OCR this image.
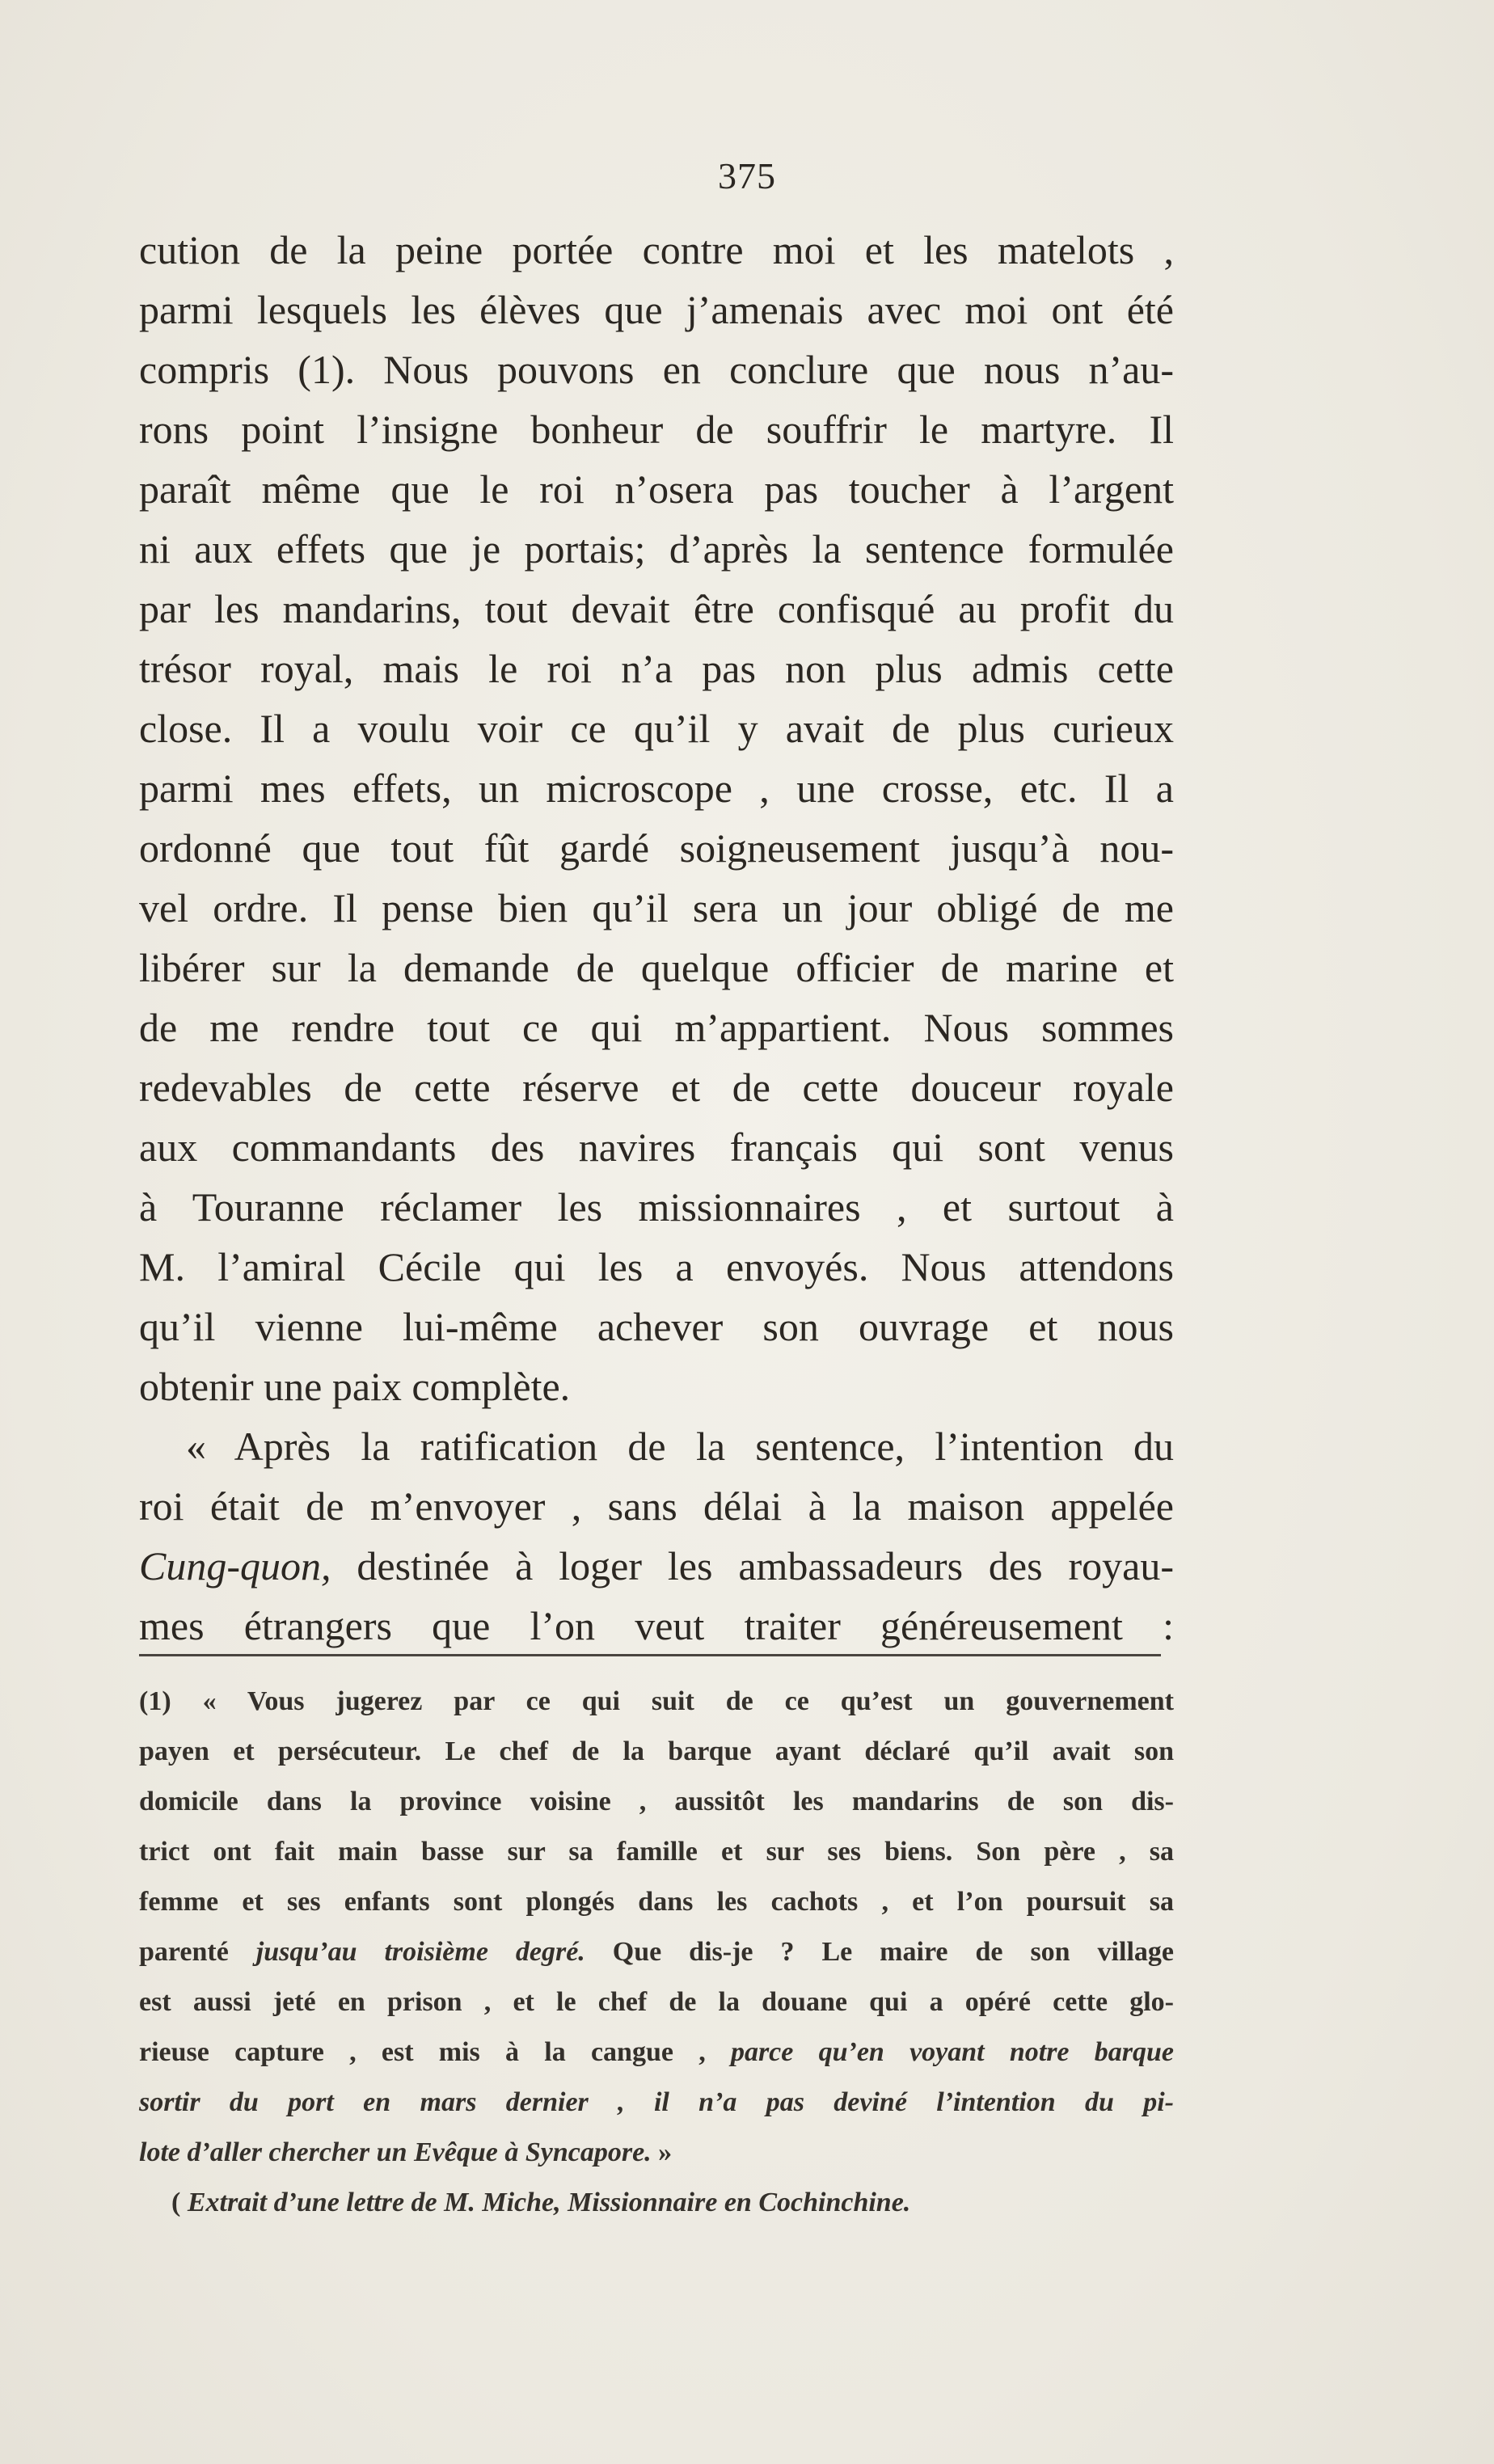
375
cution de la peine portée contre moi et les matelots ,
parmi lesquels les élèves que j’amenais avec moi ont été
compris (1). Nous pouvons en conclure que nous n’au-
rons point l’insigne bonheur de souffrir le martyre. Il
paraît même que le roi n’osera pas toucher à l’argent
ni aux effets que je portais; d’après la sentence formulée
par les mandarins, tout devait être confisqué au profit du
trésor royal, mais le roi n’a pas non plus admis cette
close. Il a voulu voir ce qu’il y avait de plus curieux
parmi mes effets, un microscope , une crosse, etc. Il a
ordonné que tout fût gardé soigneusement jusqu’à nou-
vel ordre. Il pense bien qu’il sera un jour obligé de me
libérer sur la demande de quelque officier de marine et
de me rendre tout ce qui m’appartient. Nous sommes
redevables de cette réserve et de cette douceur royale
aux commandants des navires français qui sont venus
à Touranne réclamer les missionnaires , et surtout à
M. l’amiral Cécile qui les a envoyés. Nous attendons
qu’il vienne lui-même achever son ouvrage et nous
obtenir une paix complète.
« Après la ratification de la sentence, l’intention du
roi était de m’envoyer , sans délai à la maison appelée
Cung-quon, destinée à loger les ambassadeurs des royau-
mes étrangers que l’on veut traiter généreusement :
(1) « Vous jugerez par ce qui suit de ce qu’est un gouvernement
payen et persécuteur. Le chef de la barque ayant déclaré qu’il avait son
domicile dans la province voisine , aussitôt les mandarins de son dis-
trict ont fait main basse sur sa famille et sur ses biens. Son père , sa
femme et ses enfants sont plongés dans les cachots , et l’on poursuit sa
parenté jusqu’au troisième degré. Que dis-je ? Le maire de son village
est aussi jeté en prison , et le chef de la douane qui a opéré cette glo-
rieuse capture , est mis à la cangue , parce qu’en voyant notre barque
sortir du port en mars dernier , il n’a pas deviné l’intention du pi-
lote d’aller chercher un Evêque à Syncapore. »
( Extrait d’une lettre de M. Miche, Missionnaire en Cochinchine.
